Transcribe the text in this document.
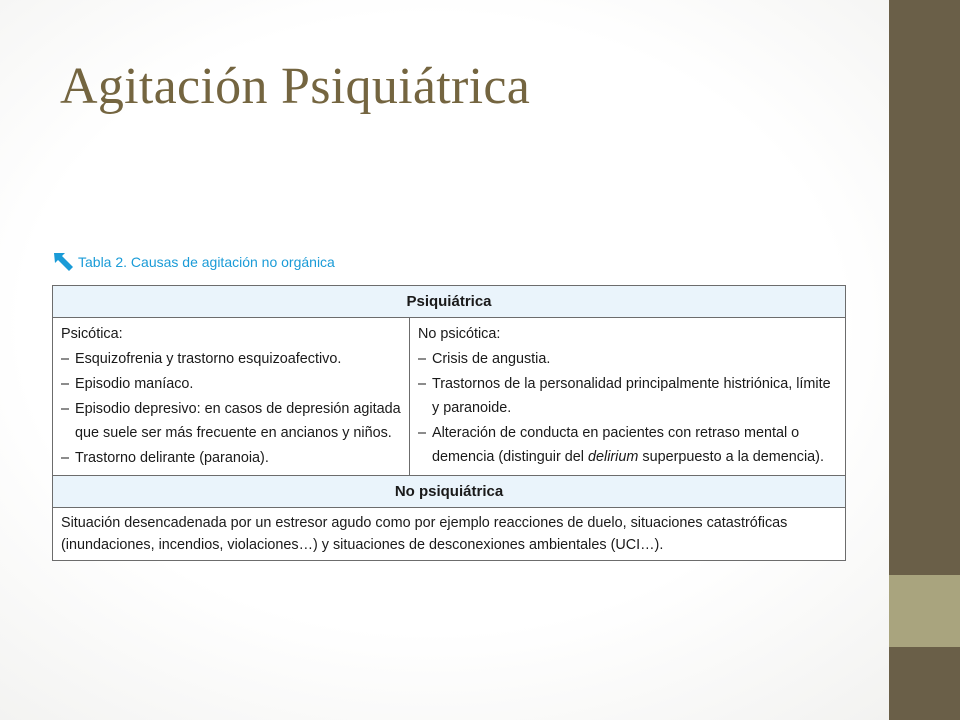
Agitación Psiquiátrica
Tabla 2. Causas de agitación no orgánica
Psiquiátrica
Psicótica:
– Esquizofrenia y trastorno esquizoafectivo.
– Episodio maníaco.
– Episodio depresivo: en casos de depresión agitada que suele ser más frecuente en ancianos y niños.
– Trastorno delirante (paranoia).
No psicótica:
– Crisis de angustia.
– Trastornos de la personalidad principalmente histriónica, límite y paranoide.
– Alteración de conducta en pacientes con retraso mental o demencia (distinguir del delirium superpuesto a la demencia).
No psiquiátrica
Situación desencadenada por un estresor agudo como por ejemplo reacciones de duelo, situaciones catastróficas (inundaciones, incendios, violaciones…) y situaciones de desconexiones ambientales (UCI…).
